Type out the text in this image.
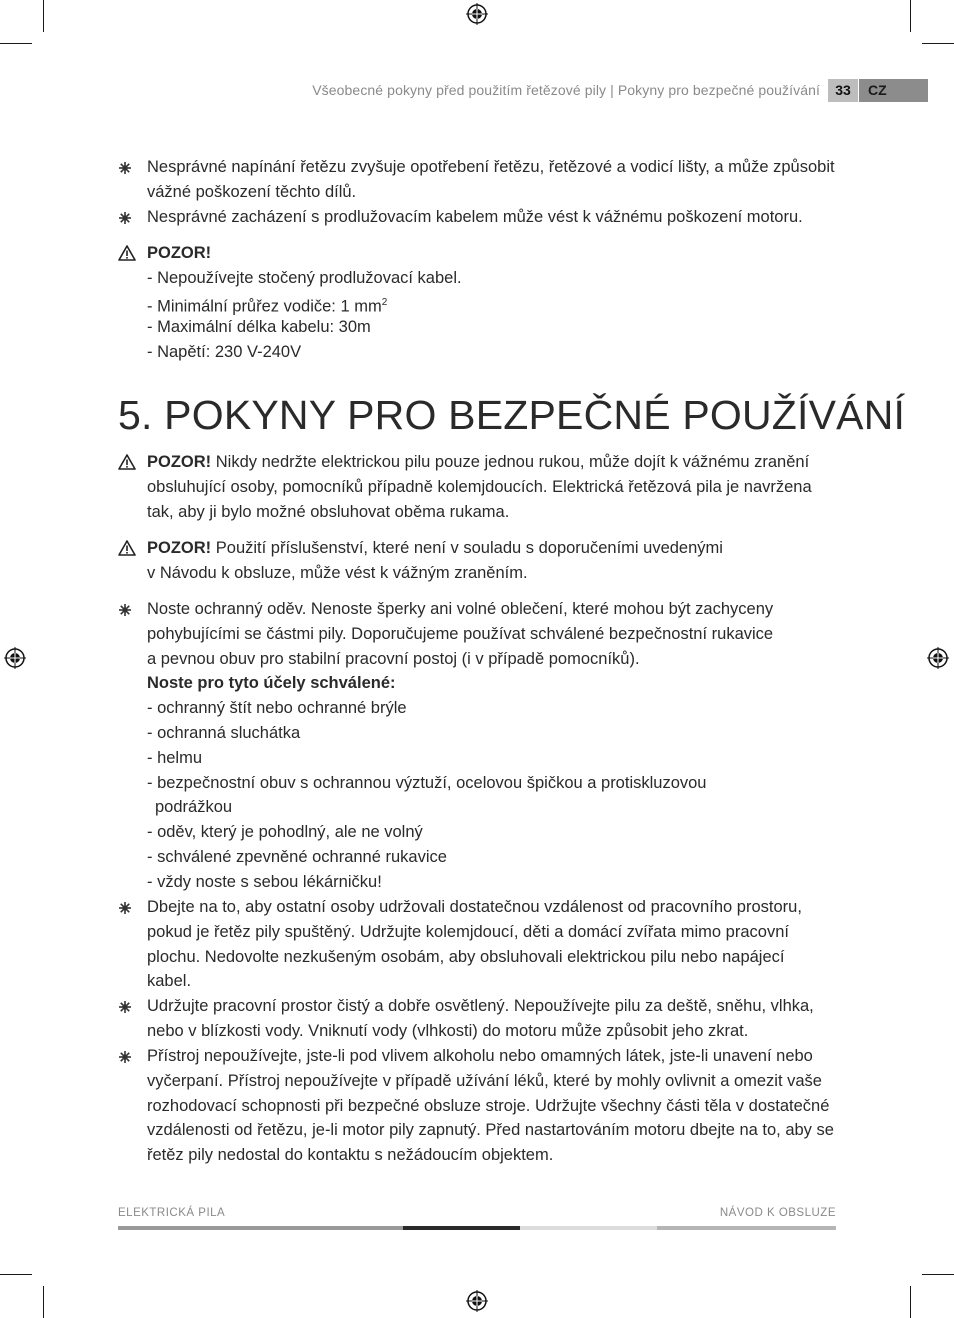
Všeobecné pokyny před použitím řetězové pily | Pokyny pro bezpečné používání	33	CZ
Nesprávné napínání řetězu zvyšuje opotřebení řetězu, řetězové a vodicí lišty, a může způsobit
vážné poškození těchto dílů.
Nesprávné zacházení s prodlužovacím kabelem může vést k vážnému poškození motoru.
POZOR!
- Nepoužívejte stočený prodlužovací kabel.
- Minimální průřez vodiče: 1 $mm^2$
- Maximální délka kabelu: 30m
- Napětí: 230 V-240V
5. POKYNY PRO BEZPEČNÉ POUŽÍVÁNÍ
POZOR! Nikdy nedržte elektrickou pilu pouze jednou rukou, může dojít k vážnému zranění
obsluhující osoby, pomocníků případně kolemjdoucích. Elektrická řetězová pila je navržena
tak, aby ji bylo možné obsluhovat oběma rukama.
POZOR! Použití příslušenství, které není v souladu s doporučeními uvedenými
v Návodu k obsluze, může vést k vážným zraněním.
Noste ochranný oděv. Nenoste šperky ani volné oblečení, které mohou být zachyceny
pohybujícími se částmi pily. Doporučujeme používat schválené bezpečnostní rukavice
a pevnou obuv pro stabilní pracovní postoj (i v případě pomocníků).
Noste pro tyto účely schválené:
- ochranný štít nebo ochranné brýle
- ochranná sluchátka
- helmu
- bezpečnostní obuv s ochrannou výztuží, ocelovou špičkou a protiskluzovou
podrážkou
- oděv, který je pohodlný, ale ne volný
- schválené zpevněné ochranné rukavice
- vždy noste s sebou lékárničku!
Dbejte na to, aby ostatní osoby udržovali dostatečnou vzdálenost od pracovního prostoru,
pokud je řetěz pily spuštěný. Udržujte kolemjdoucí, děti a domácí zvířata mimo pracovní
plochu. Nedovolte nezkušeným osobám, aby obsluhovali elektrickou pilu nebo napájecí
kabel.
Udržujte pracovní prostor čistý a dobře osvětlený. Nepoužívejte pilu za deště, sněhu, vlhka,
nebo v blízkosti vody. Vniknutí vody (vlhkosti) do motoru může způsobit jeho zkrat.
Přístroj nepoužívejte, jste-li pod vlivem alkoholu nebo omamných látek, jste-li unavení nebo
vyčerpaní. Přístroj nepoužívejte v případě užívání léků, které by mohly ovlivnit a omezit vaše
rozhodovací schopnosti při bezpečné obsluze stroje. Udržujte všechny části těla v dostatečné
vzdálenosti od řetězu, je-li motor pily zapnutý. Před nastartováním motoru dbejte na to, aby se
řetěz pily nedostal do kontaktu s nežádoucím objektem.
ELEKTRICKÁ PILA	NÁVOD K OBSLUZE
